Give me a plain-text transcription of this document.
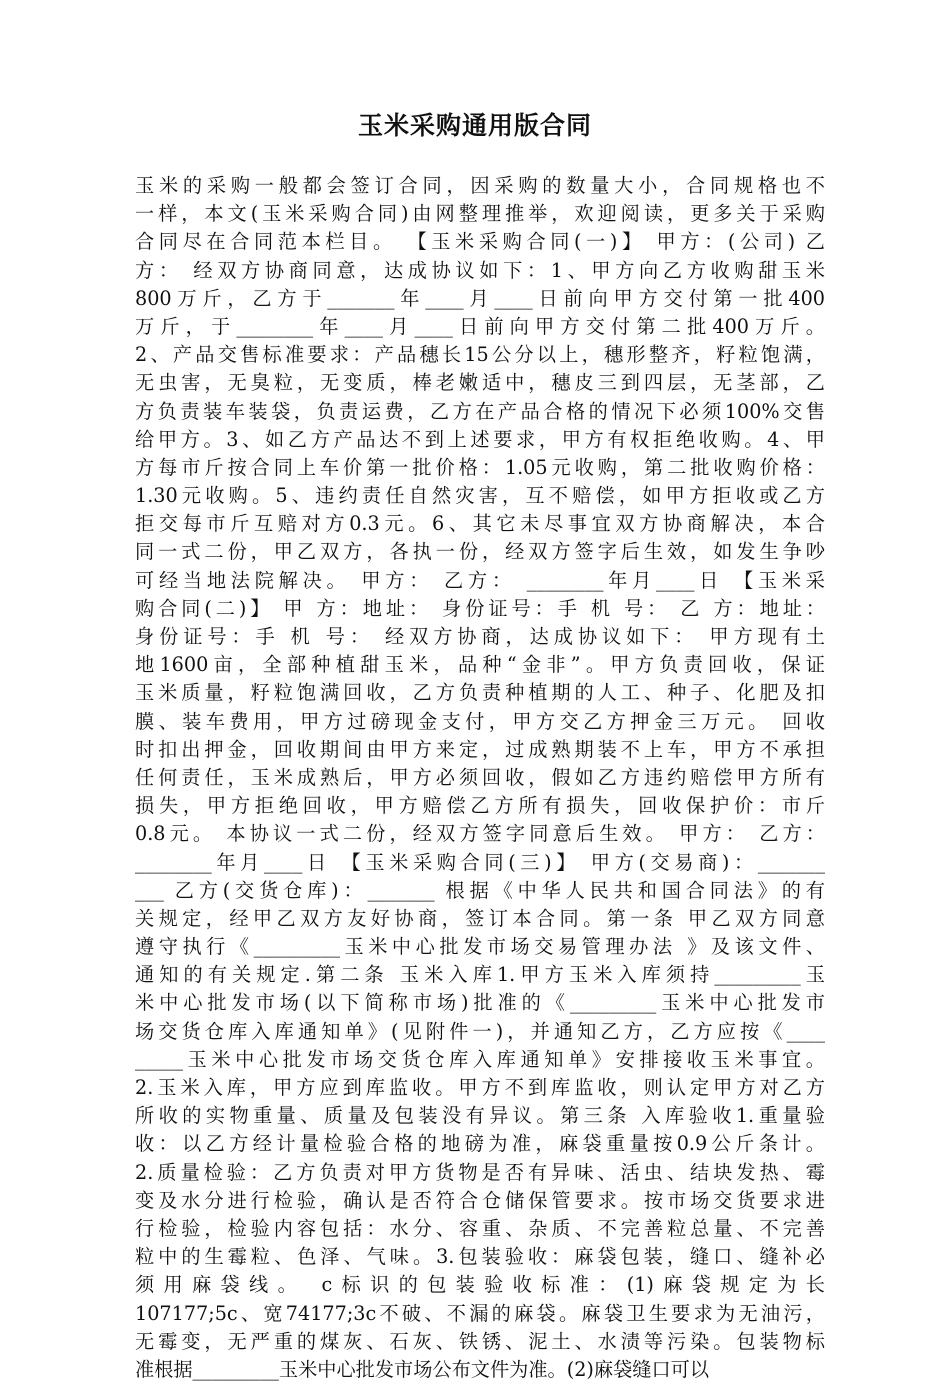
玉米采购通用版合同
玉米的采购一般都会签订合同，因采购的数量大小，合同规格也不
一样，本文(玉米采购合同)由网整理推举，欢迎阅读，更多关于采购
合同尽在合同范本栏目。 【玉米采购合同(一)】 甲方：(公司) 乙
方： 经双方协商同意，达成协议如下：1、甲方向乙方收购甜玉米
800万斤，乙方于_______年____月____日前向甲方交付第一批400
万斤，于________年____月____日前向甲方交付第二批400万斤。
2、产品交售标准要求：产品穗长15公分以上，穗形整齐，籽粒饱满，
无虫害，无臭粒，无变质，棒老嫩适中，穗皮三到四层，无茎部，乙
方负责装车装袋，负责运费，乙方在产品合格的情况下必须100%交售
给甲方。3、如乙方产品达不到上述要求，甲方有权拒绝收购。4、甲
方每市斤按合同上车价第一批价格：1.05元收购，第二批收购价格：
1.30元收购。5、违约责任自然灾害，互不赔偿，如甲方拒收或乙方
拒交每市斤互赔对方0.3元。6、其它未尽事宜双方协商解决，本合
同一式二份，甲乙双方，各执一份，经双方签字后生效，如发生争吵
可经当地法院解决。 甲方： 乙方： ________年月____日 【玉米采
购合同(二)】 甲 方：地址： 身份证号：手 机 号： 乙 方：地址：
身份证号：手 机 号： 经双方协商，达成协议如下： 甲方现有土
地1600亩，全部种植甜玉米，品种“金非”。甲方负责回收，保证
玉米质量，籽粒饱满回收，乙方负责种植期的人工、种子、化肥及扣
膜、装车费用，甲方过磅现金支付，甲方交乙方押金三万元。 回收
时扣出押金，回收期间由甲方来定，过成熟期装不上车，甲方不承担
任何责任，玉米成熟后，甲方必须回收，假如乙方违约赔偿甲方所有
损失，甲方拒绝回收，甲方赔偿乙方所有损失，回收保护价：市斤
0.8元。 本协议一式二份，经双方签字同意后生效。 甲方： 乙方：
________年月____日 【玉米采购合同(三)】 甲方(交易商)：_______
___ 乙方(交货仓库)：_______ 根据《中华人民共和国合同法》的有
关规定，经甲乙双方友好协商，签订本合同。第一条 甲乙双方同意
遵守执行《_________玉米中心批发市场交易管理办法 》及该文件、
通知的有关规定.第二条 玉米入库1.甲方玉米入库须持_________玉
米中心批发市场(以下简称市场)批准的《_________玉米中心批发市
场交货仓库入库通知单》(见附件一)，并通知乙方，乙方应按《____
_____玉米中心批发市场交货仓库入库通知单》安排接收玉米事宜。
2.玉米入库，甲方应到库监收。甲方不到库监收，则认定甲方对乙方
所收的实物重量、质量及包装没有异议。第三条 入库验收1.重量验
收：以乙方经计量检验合格的地磅为准，麻袋重量按0.9公斤条计。
2.质量检验：乙方负责对甲方货物是否有异味、活虫、结块发热、霉
变及水分进行检验，确认是否符合仓储保管要求。按市场交货要求进
行检验，检验内容包括：水分、容重、杂质、不完善粒总量、不完善
粒中的生霉粒、色泽、气味。3.包装验收：麻袋包装，缝口、缝补必
须用麻袋线。 c标识的包装验收标准：(1)麻袋规定为长
107177;5c、宽74177;3c不破、不漏的麻袋。麻袋卫生要求为无油污，
无霉变，无严重的煤灰、石灰、铁锈、泥土、水渍等污染。包装物标
准根据_________玉米中心批发市场公布文件为准。(2)麻袋缝口可以
